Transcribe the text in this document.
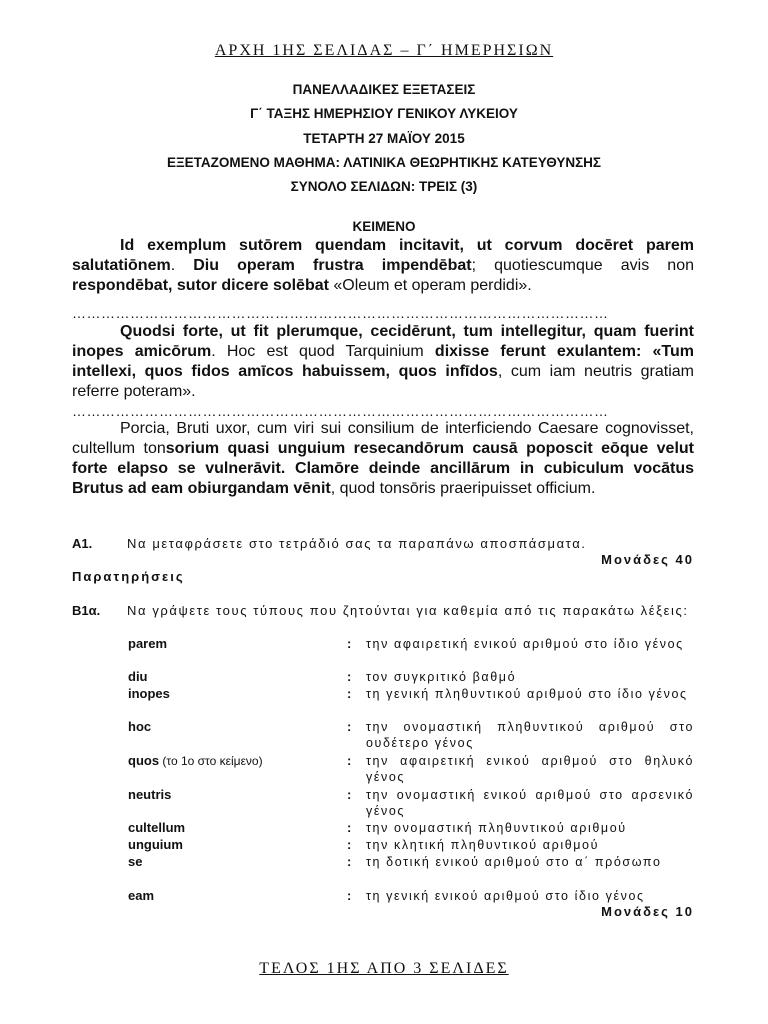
ΑΡΧΗ 1ΗΣ ΣΕΛΙΔΑΣ – Γ΄ ΗΜΕΡΗΣΙΩΝ
ΠΑΝΕΛΛΑΔΙΚΕΣ ΕΞΕΤΑΣΕΙΣ
Γ΄ ΤΑΞΗΣ ΗΜΕΡΗΣΙΟΥ ΓΕΝΙΚΟΥ ΛΥΚΕΙΟΥ
ΤΕΤΑΡΤΗ 27 ΜΑΪΟΥ 2015
ΕΞΕΤΑΖΟΜΕΝΟ ΜΑΘΗΜΑ: ΛΑΤΙΝΙΚΑ ΘΕΩΡΗΤΙΚΗΣ ΚΑΤΕΥΘΥΝΣΗΣ
ΣΥΝΟΛΟ ΣΕΛΙΔΩΝ: ΤΡΕΙΣ (3)
ΚΕΙΜΕΝΟ

Id exemplum sutōrem quendam incitavit, ut corvum docēret parem salutatiōnem. Diu operam frustra impendēbat; quotiescumque avis non respondēbat, sutor dicere solēbat «Oleum et operam perdidi».

…………………………………………………………………………………………………

Quodsi forte, ut fit plerumque, cecidērunt, tum intellegitur, quam fuerint inopes amicōrum. Hoc est quod Tarquinium dixisse ferunt exulantem: «Tum intellexi, quos fidos amīcos habuissem, quos infīdos, cum iam neutris gratiam referre poteram».

…………………………………………………………………………………………………

Porcia, Bruti uxor, cum viri sui consilium de interficiendo Caesare cognovisset, cultellum tonsorium quasi unguium resecandōrum causā poposcit eōque velut forte elapso se vulnerāvit. Clamōre deinde ancillārum in cubiculum vocātus Brutus ad eam obiurgandam vēnit, quod tonsōris praeripuisset officium.

A1.	Να μεταφράσετε στο τετράδιό σας τα παραπάνω αποσπάσματα.
Μονάδες 40
Παρατηρήσεις
Β1α. Να γράψετε τους τύπους που ζητούνται για καθεμία από τις παρακάτω λέξεις:
parem	: την αφαιρετική ενικού αριθμού στο ίδιο γένος
diu	: τον συγκριτικό βαθμό
inopes	: τη γενική πληθυντικού αριθμού στο ίδιο γένος
hoc	: την ονομαστική πληθυντικού αριθμού στο ουδέτερο γένος
quos (το 1ο στο κείμενο)	: την αφαιρετική ενικού αριθμού στο θηλυκό γένος
neutris	: την ονομαστική ενικού αριθμού στο αρσενικό γένος
cultellum	: την ονομαστική πληθυντικού αριθμού
unguium	: την κλητική πληθυντικού αριθμού
se	: τη δοτική ενικού αριθμού στο α΄ πρόσωπο
eam	: τη γενική ενικού αριθμού στο ίδιο γένος
Μονάδες 10
ΤΕΛΟΣ 1ΗΣ ΑΠΟ 3 ΣΕΛΙΔΕΣ
